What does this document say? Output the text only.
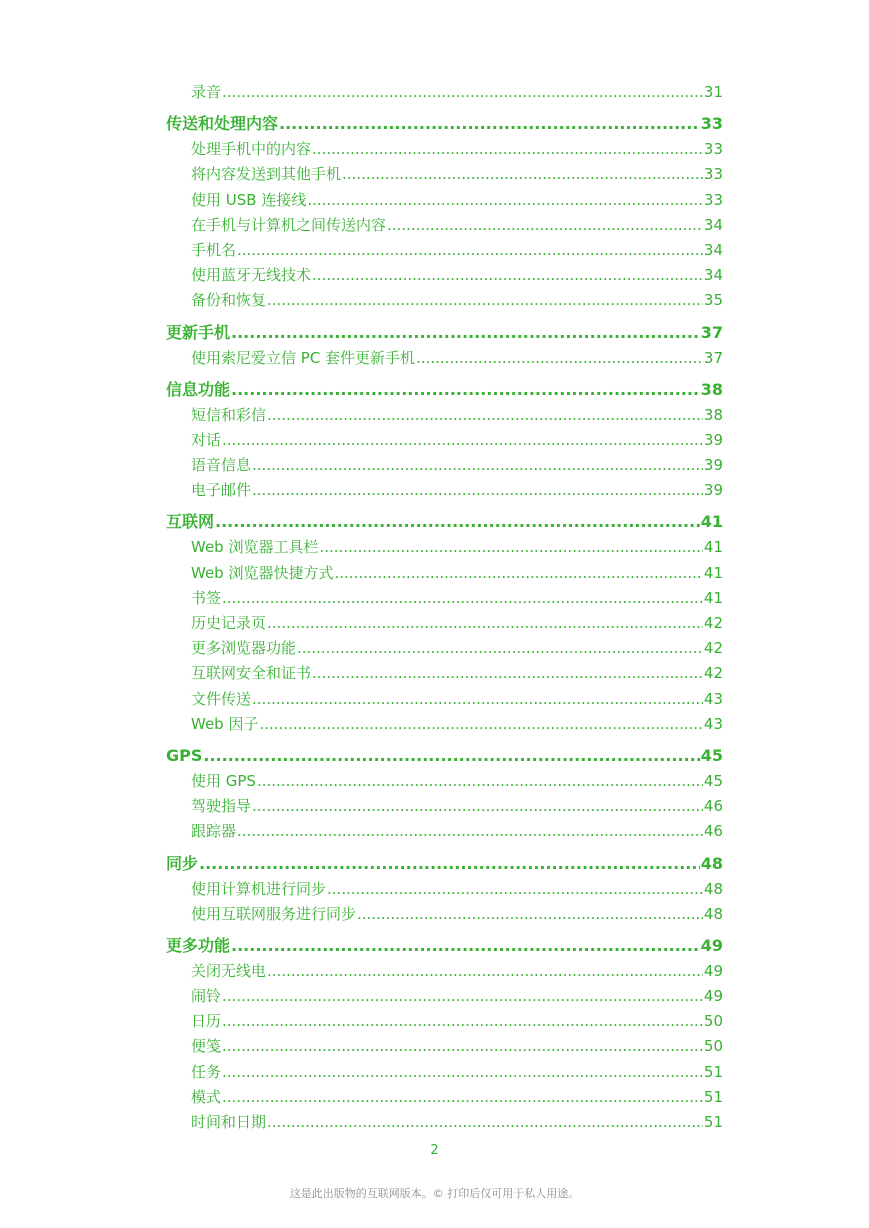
录音 .....	31
传送和处理内容 .....	33
处理手机中的内容 .....	33
将内容发送到其他手机 .....	33
使用 USB 连接线 .....	33
在手机与计算机之间传送内容 .....	34
手机名 .....	34
使用蓝牙无线技术 .....	34
备份和恢复 .....	35
更新手机 .....	37
使用索尼爱立信 PC 套件更新手机 .....	37
信息功能 .....	38
短信和彩信 .....	38
对话 .....	39
语音信息 .....	39
电子邮件 .....	39
互联网 .....	41
Web 浏览器工具栏 .....	41
Web 浏览器快捷方式 .....	41
书签 .....	41
历史记录页 .....	42
更多浏览器功能 .....	42
互联网安全和证书 .....	42
文件传送 .....	43
Web 因子 .....	43
GPS .....	45
使用 GPS .....	45
驾驶指导 .....	46
跟踪器 .....	46
同步 .....	48
使用计算机进行同步 .....	48
使用互联网服务进行同步 .....	48
更多功能 .....	49
关闭无线电 .....	49
闹铃 .....	49
日历 .....	50
便笺 .....	50
任务 .....	51
模式 .....	51
时间和日期 .....	51
2
这是此出版物的互联网版本。© 打印后仅可用于私人用途。
